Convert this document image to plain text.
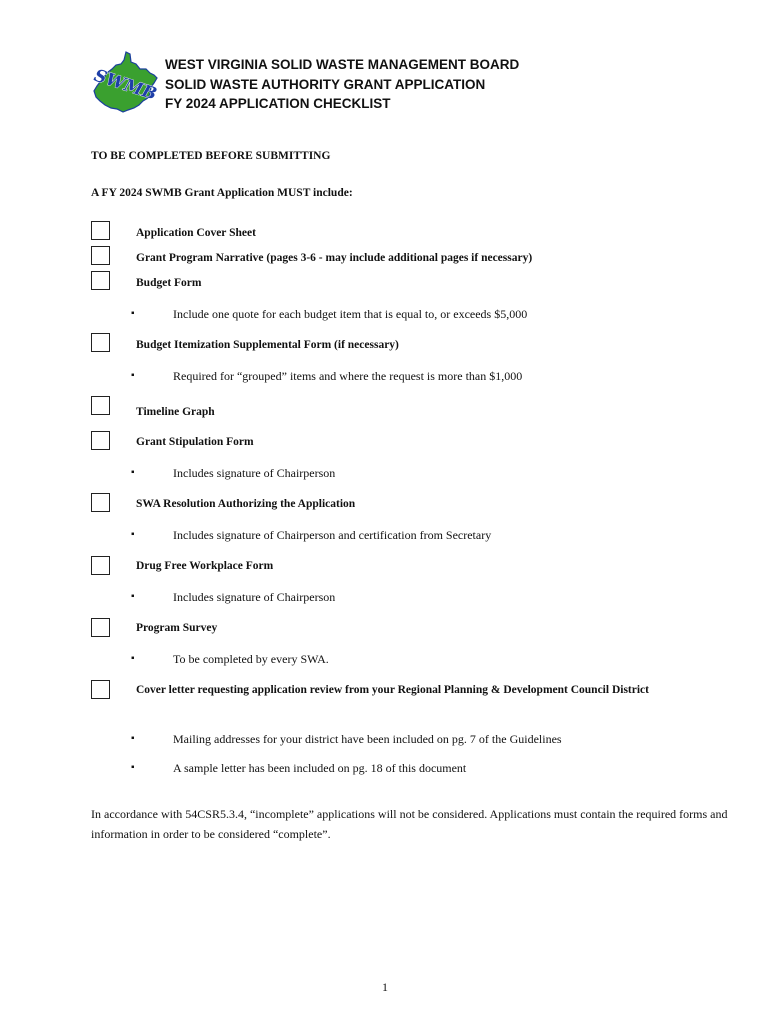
SWMB
WEST VIRGINIA SOLID WASTE MANAGEMENT BOARD
SOLID WASTE AUTHORITY GRANT APPLICATION
FY 2024 APPLICATION CHECKLIST
TO BE COMPLETED BEFORE SUBMITTING
A FY 2024 SWMB Grant Application MUST include:
Application Cover Sheet
Grant Program Narrative (pages 3-6 - may include additional pages if necessary)
Budget Form
▪	Include one quote for each budget item that is equal to, or exceeds $5,000
Budget Itemization Supplemental Form (if necessary)
▪	Required for “grouped” items and where the request is more than $1,000
Timeline Graph
Grant Stipulation Form
▪	Includes signature of Chairperson
SWA Resolution Authorizing the Application
▪	Includes signature of Chairperson and certification from Secretary
Drug Free Workplace Form
▪	Includes signature of Chairperson
Program Survey
▪	To be completed by every SWA.
Cover letter requesting application review from your Regional Planning & Development Council District
▪	Mailing addresses for your district have been included on pg. 7 of the Guidelines
▪	A sample letter has been included on pg. 18 of this document
In accordance with 54CSR5.3.4, “incomplete” applications will not be considered. Applications must contain the required forms and information in order to be considered “complete”.
1
